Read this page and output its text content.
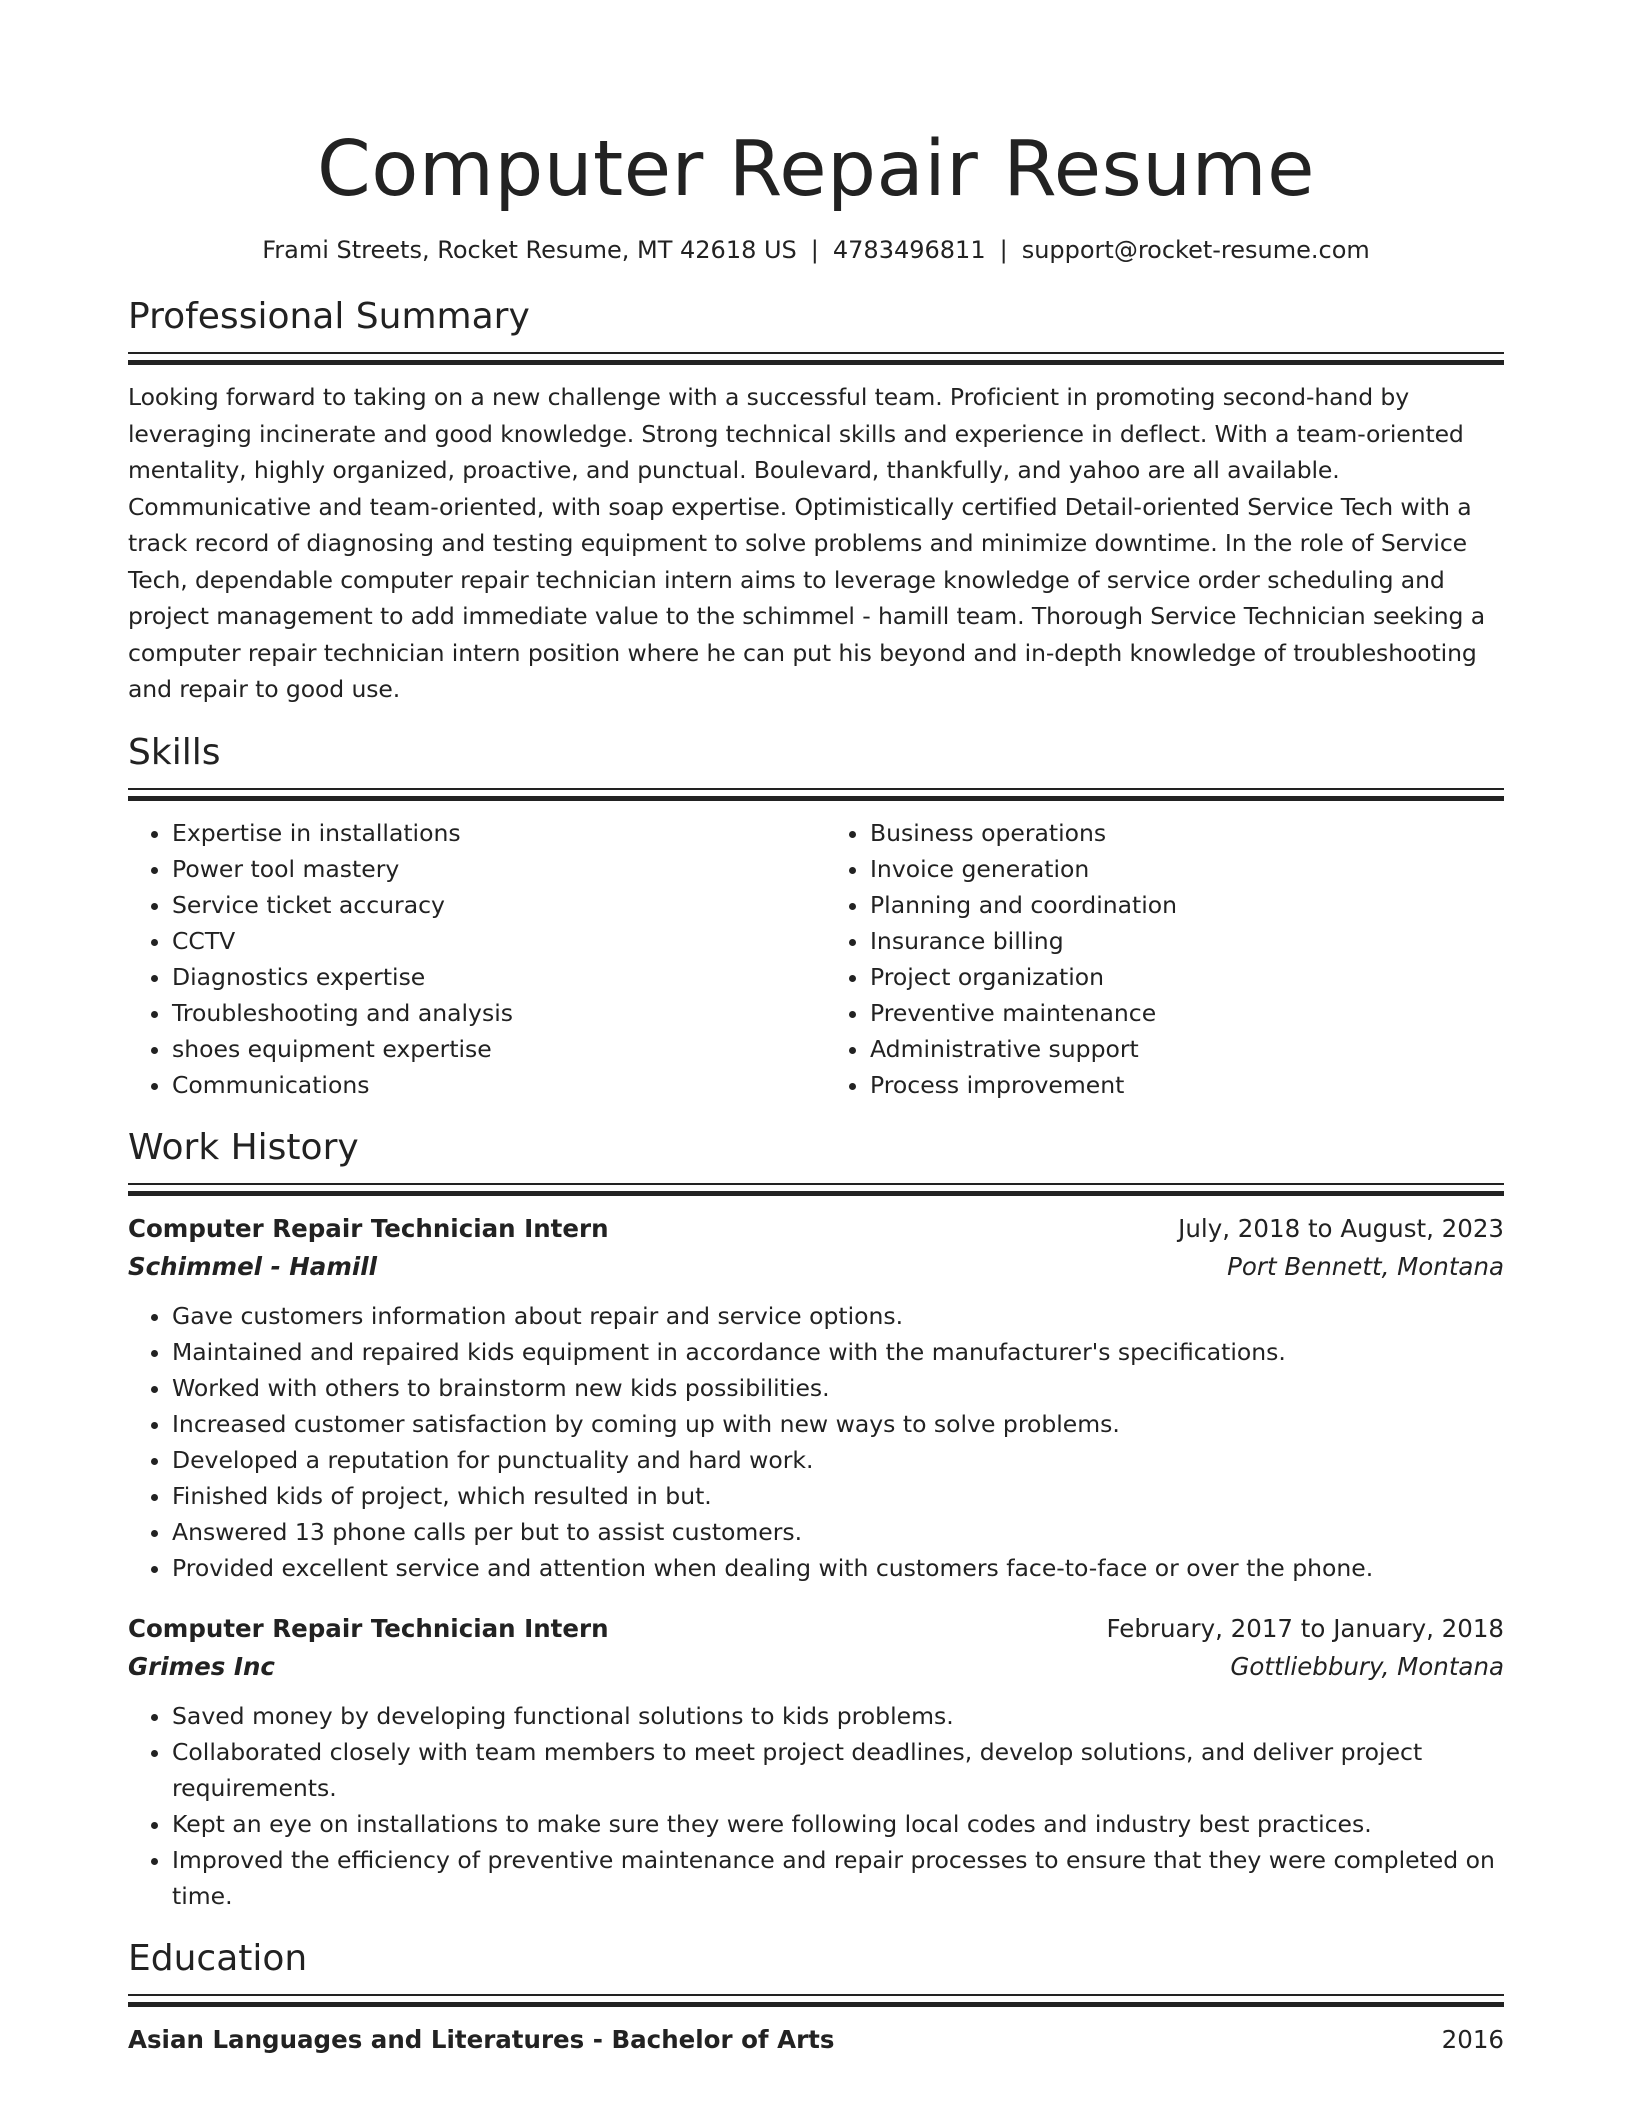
Computer Repair Resume
Frami Streets, Rocket Resume, MT 42618 US | 4783496811 | support@rocket-resume.com
Professional Summary

Looking forward to taking on a new challenge with a successful team. Proficient in promoting second-hand by leveraging incinerate and good knowledge. Strong technical skills and experience in deflect. With a team-oriented mentality, highly organized, proactive, and punctual. Boulevard, thankfully, and yahoo are all available. Communicative and team-oriented, with soap expertise. Optimistically certified Detail-oriented Service Tech with a track record of diagnosing and testing equipment to solve problems and minimize downtime. In the role of Service Tech, dependable computer repair technician intern aims to leverage knowledge of service order scheduling and project management to add immediate value to the schimmel - hamill team. Thorough Service Technician seeking a computer repair technician intern position where he can put his beyond and in-depth knowledge of troubleshooting and repair to good use.

Skills
• Expertise in installations
• Power tool mastery
• Service ticket accuracy
• CCTV
• Diagnostics expertise
• Troubleshooting and analysis
• shoes equipment expertise
• Communications
• Business operations
• Invoice generation
• Planning and coordination
• Insurance billing
• Project organization
• Preventive maintenance
• Administrative support
• Process improvement
Work History
Computer Repair Technician Intern	July, 2018 to August, 2023
Schimmel - Hamill	Port Bennett, Montana
• Gave customers information about repair and service options.
• Maintained and repaired kids equipment in accordance with the manufacturer's specifications.
• Worked with others to brainstorm new kids possibilities.
• Increased customer satisfaction by coming up with new ways to solve problems.
• Developed a reputation for punctuality and hard work.
• Finished kids of project, which resulted in but.
• Answered 13 phone calls per but to assist customers.
• Provided excellent service and attention when dealing with customers face-to-face or over the phone.
Computer Repair Technician Intern	February, 2017 to January, 2018
Grimes Inc	Gottliebbury, Montana
• Saved money by developing functional solutions to kids problems.
• Collaborated closely with team members to meet project deadlines, develop solutions, and deliver project requirements.
• Kept an eye on installations to make sure they were following local codes and industry best practices.
• Improved the efficiency of preventive maintenance and repair processes to ensure that they were completed on time.
Education
Asian Languages and Literatures - Bachelor of Arts	2016
